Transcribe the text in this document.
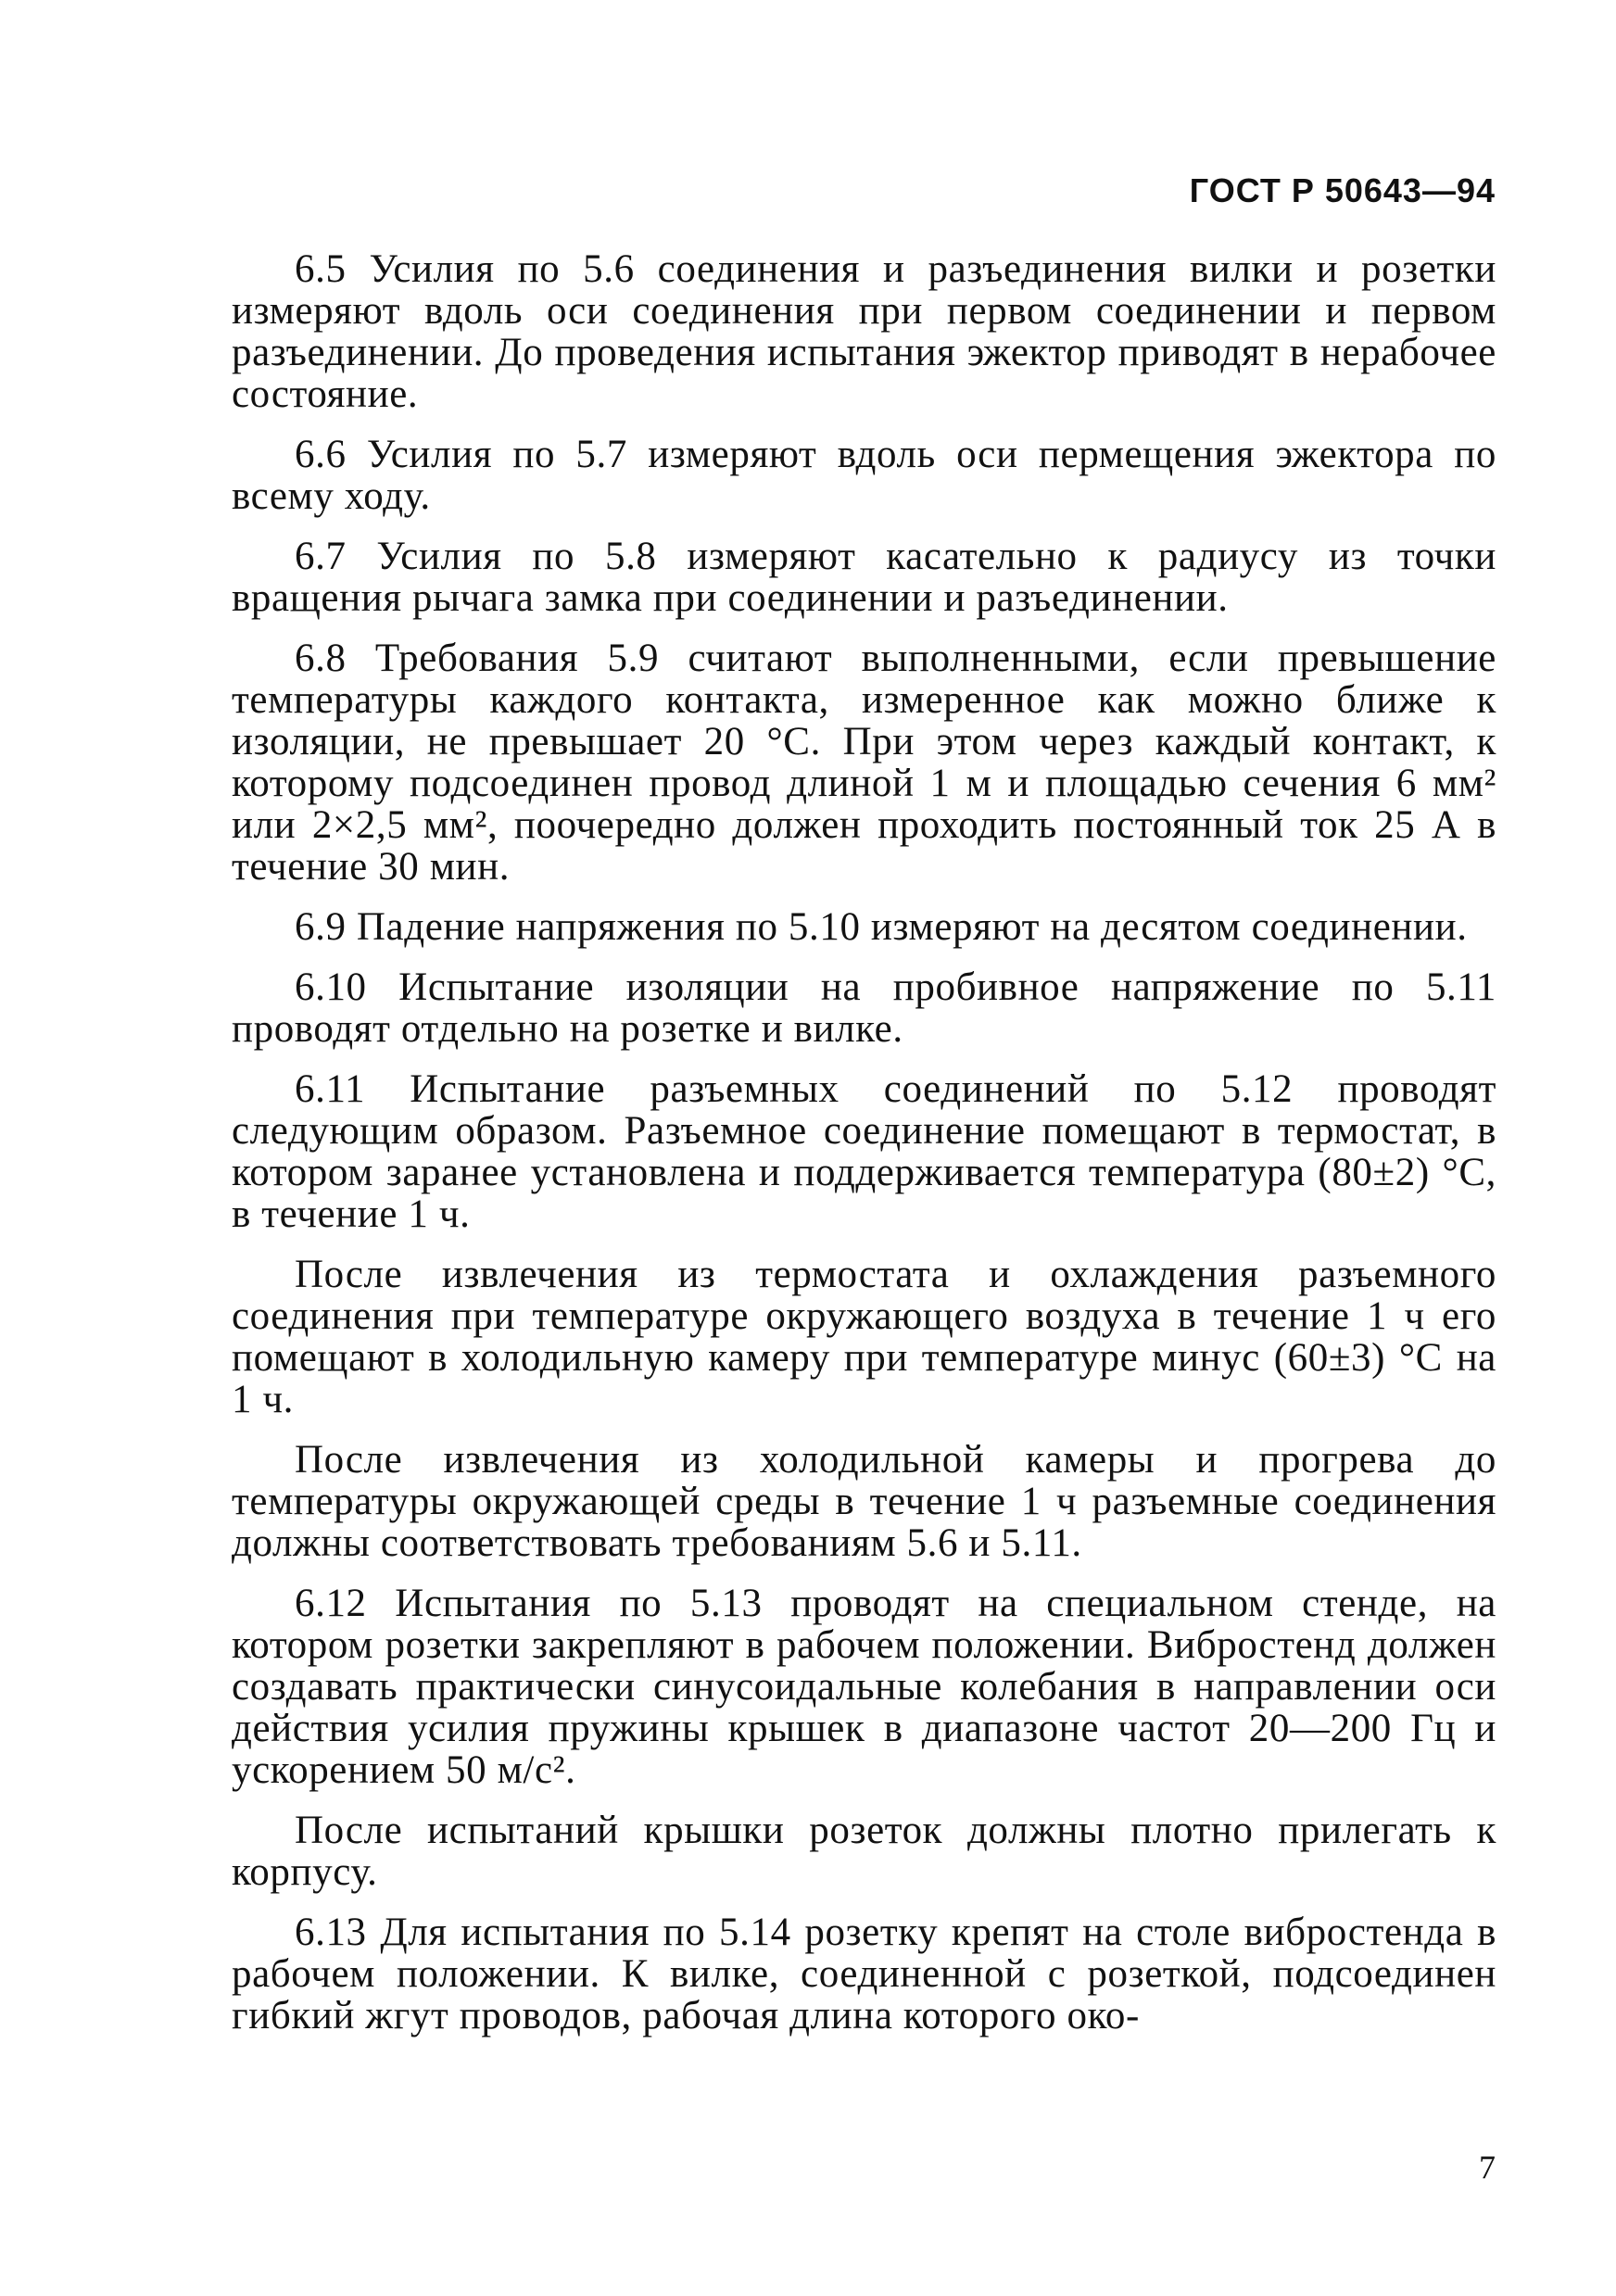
ГОСТ Р 50643—94

6.5 Усилия по 5.6 соединения и разъединения вилки и розетки измеряют вдоль оси соединения при первом соединении и первом разъединении. До проведения испытания эжектор приводят в нерабочее состояние.

6.6 Усилия по 5.7 измеряют вдоль оси пермещения эжектора по всему ходу.

6.7 Усилия по 5.8 измеряют касательно к радиусу из точки вращения рычага замка при соединении и разъединении.

6.8 Требования 5.9 считают выполненными, если превышение температуры каждого контакта, измеренное как можно ближе к изоляции, не превышает 20 °С. При этом через каждый контакт, к которому подсоединен провод длиной 1 м и площадью сечения 6 мм² или 2×2,5 мм², поочередно должен проходить постоянный ток 25 А в течение 30 мин.

6.9 Падение напряжения по 5.10 измеряют на десятом соединении.

6.10 Испытание изоляции на пробивное напряжение по 5.11 проводят отдельно на розетке и вилке.

6.11 Испытание разъемных соединений по 5.12 проводят следующим образом. Разъемное соединение помещают в термостат, в котором заранее установлена и поддерживается температура (80±2) °С, в течение 1 ч.

После извлечения из термостата и охлаждения разъемного соединения при температуре окружающего воздуха в течение 1 ч его помещают в холодильную камеру при температуре минус (60±3) °С на 1 ч.

После извлечения из холодильной камеры и прогрева до температуры окружающей среды в течение 1 ч разъемные соединения должны соответствовать требованиям 5.6 и 5.11.

6.12 Испытания по 5.13 проводят на специальном стенде, на котором розетки закрепляют в рабочем положении. Вибростенд должен создавать практически синусоидальные колебания в направлении оси действия усилия пружины крышек в диапазоне частот 20—200 Гц и ускорением 50 м/с².

После испытаний крышки розеток должны плотно прилегать к корпусу.

6.13 Для испытания по 5.14 розетку крепят на столе вибростенда в рабочем положении. К вилке, соединенной с розеткой, подсоединен гибкий жгут проводов, рабочая длина которого око-

7
